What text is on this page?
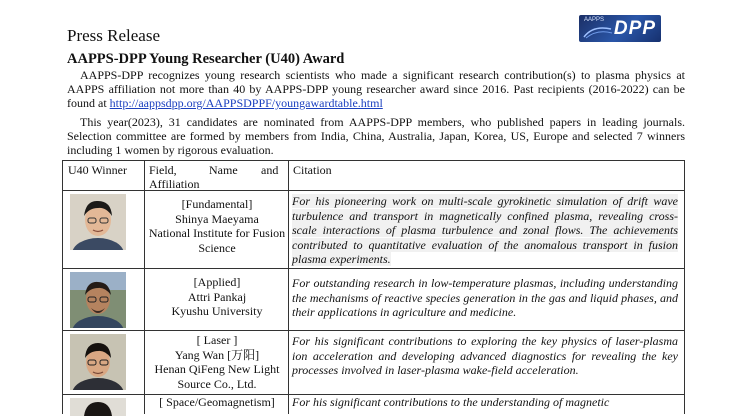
Press Release
AAPPS DPP
AAPPS-DPP Young Researcher (U40) Award
AAPPS-DPP recognizes young research scientists who made a significant research contribution(s) to plasma physics at AAPPS affiliation not more than 40 by AAPPS-DPP young researcher award since 2016. Past recipients (2016-2022) can be found at http://aappsdpp.org/AAPPSDPPF/youngawardtable.html
This year(2023), 31 candidates are nominated from AAPPS-DPP members, who published papers in leading journals. Selection committee are formed by members from India, China, Australia, Japan, Korea, US, Europe and selected 7 winners including 1 women by rigorous evaluation.
U40 Winner Field,	Name and
Affiliation
Citation
[Fundamental]
Shinya Maeyama
National Institute for Fusion Science
For his pioneering work on multi-scale gyrokinetic simulation of drift wave turbulence and transport in magnetically confined plasma, revealing cross-scale interactions of plasma turbulence and zonal flows. The achievements contributed to quantitative evaluation of the anomalous transport in fusion plasma experiments.
[Applied]
Attri Pankaj
Kyushu University
For outstanding research in low-temperature plasmas, including understanding the mechanisms of reactive species generation in the gas and liquid phases, and their applications in agriculture and medicine.
[ Laser ]
Yang Wan [万阳]
Henan QiFeng New Light Source Co., Ltd.
For his significant contributions to exploring the key physics of laser-plasma ion acceleration and developing advanced diagnostics for revealing the key processes involved in laser-plasma wake-field acceleration.
[ Space/Geomagnetism]	For his significant contributions to the understanding of magnetic
